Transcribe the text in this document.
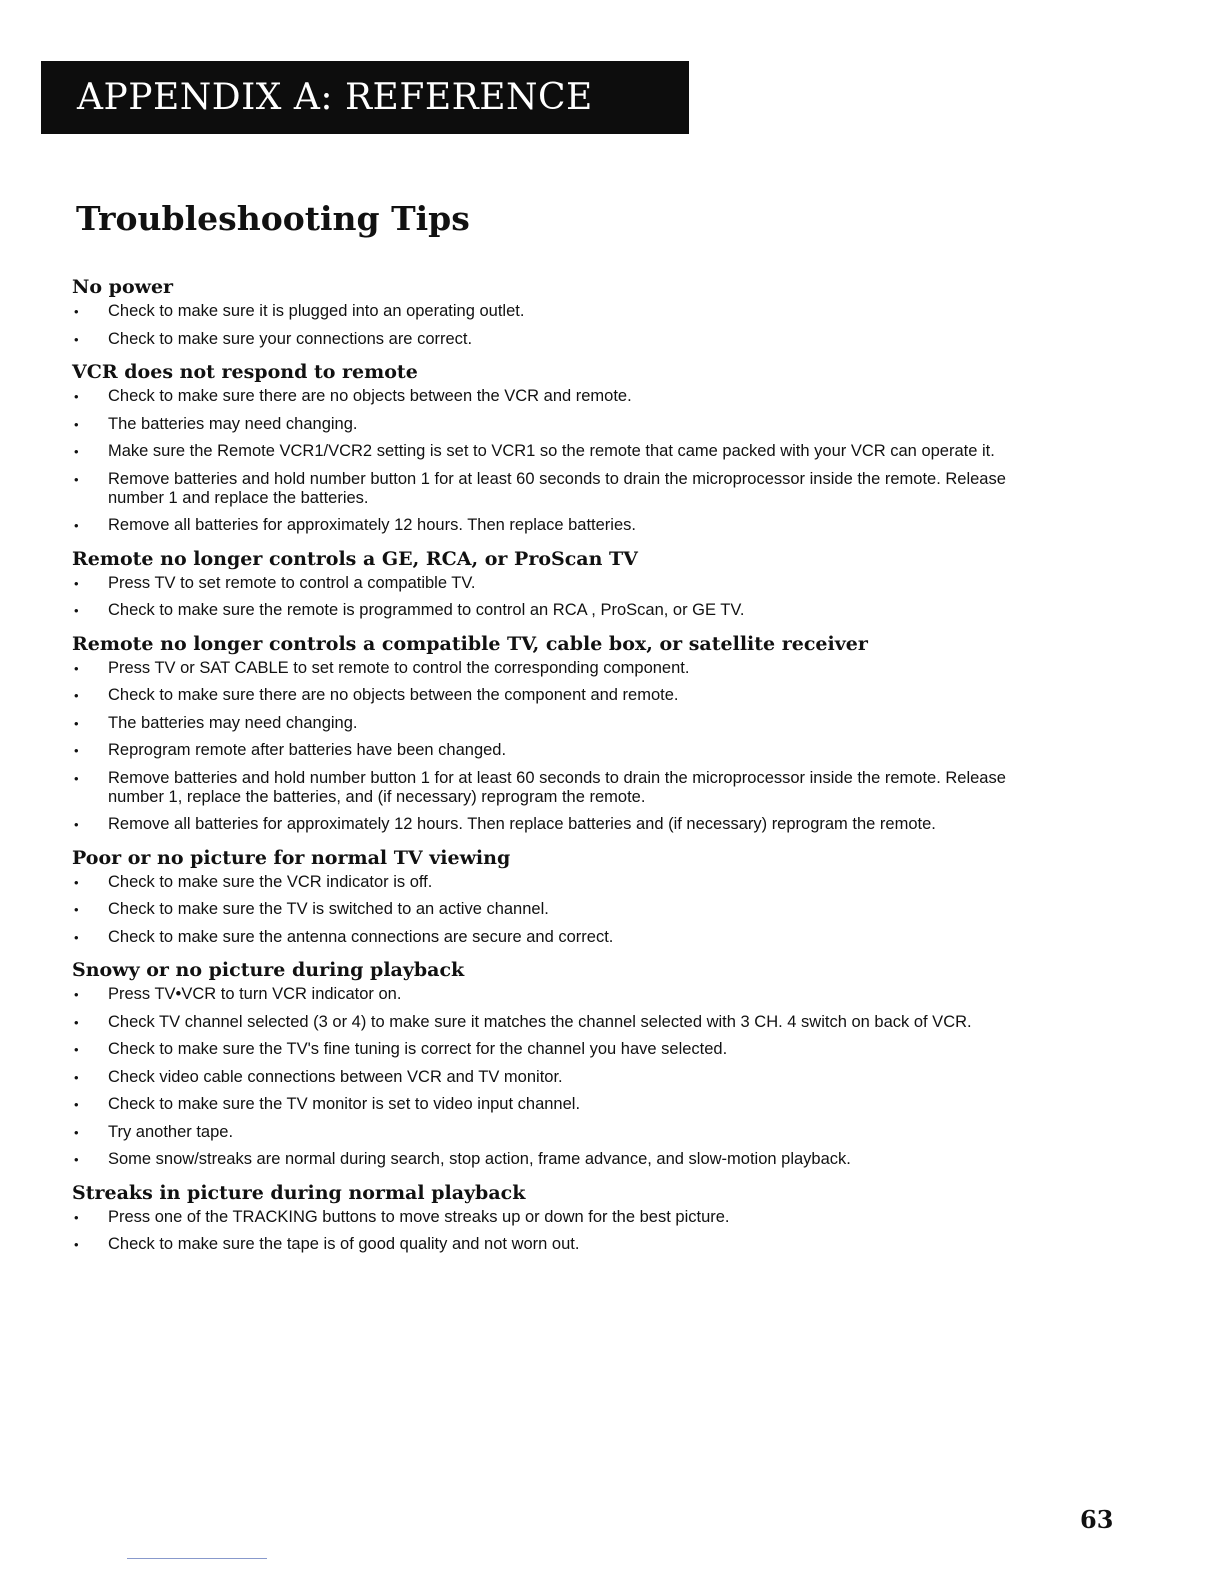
APPENDIX A: REFERENCE
Troubleshooting Tips
No power
• Check to make sure it is plugged into an operating outlet.
• Check to make sure your connections are correct.
VCR does not respond to remote
• Check to make sure there are no objects between the VCR and remote.
• The batteries may need changing.
• Make sure the Remote VCR1/VCR2 setting is set to VCR1 so the remote that came packed with your VCR can operate it.
• Remove batteries and hold number button 1 for at least 60 seconds to drain the microprocessor inside the remote. Release number 1 and replace the batteries.
• Remove all batteries for approximately 12 hours. Then replace batteries.
Remote no longer controls a GE, RCA, or ProScan TV
• Press TV to set remote to control a compatible TV.
• Check to make sure the remote is programmed to control an RCA , ProScan, or GE TV.
Remote no longer controls a compatible TV, cable box, or satellite receiver
• Press TV or SAT CABLE to set remote to control the corresponding component.
• Check to make sure there are no objects between the component and remote.
• The batteries may need changing.
• Reprogram remote after batteries have been changed.
• Remove batteries and hold number button 1 for at least 60 seconds to drain the microprocessor inside the remote. Release number 1, replace the batteries, and (if necessary) reprogram the remote.
• Remove all batteries for approximately 12 hours. Then replace batteries and (if necessary) reprogram the remote.
Poor or no picture for normal TV viewing
• Check to make sure the VCR indicator is off.
• Check to make sure the TV is switched to an active channel.
• Check to make sure the antenna connections are secure and correct.
Snowy or no picture during playback
• Press TV•VCR to turn VCR indicator on.
• Check TV channel selected (3 or 4) to make sure it matches the channel selected with 3 CH. 4 switch on back of VCR.
• Check to make sure the TV's fine tuning is correct for the channel you have selected.
• Check video cable connections between VCR and TV monitor.
• Check to make sure the TV monitor is set to video input channel.
• Try another tape.
• Some snow/streaks are normal during search, stop action, frame advance, and slow-motion playback.
Streaks in picture during normal playback
• Press one of the TRACKING buttons to move streaks up or down for the best picture.
• Check to make sure the tape is of good quality and not worn out.
63
